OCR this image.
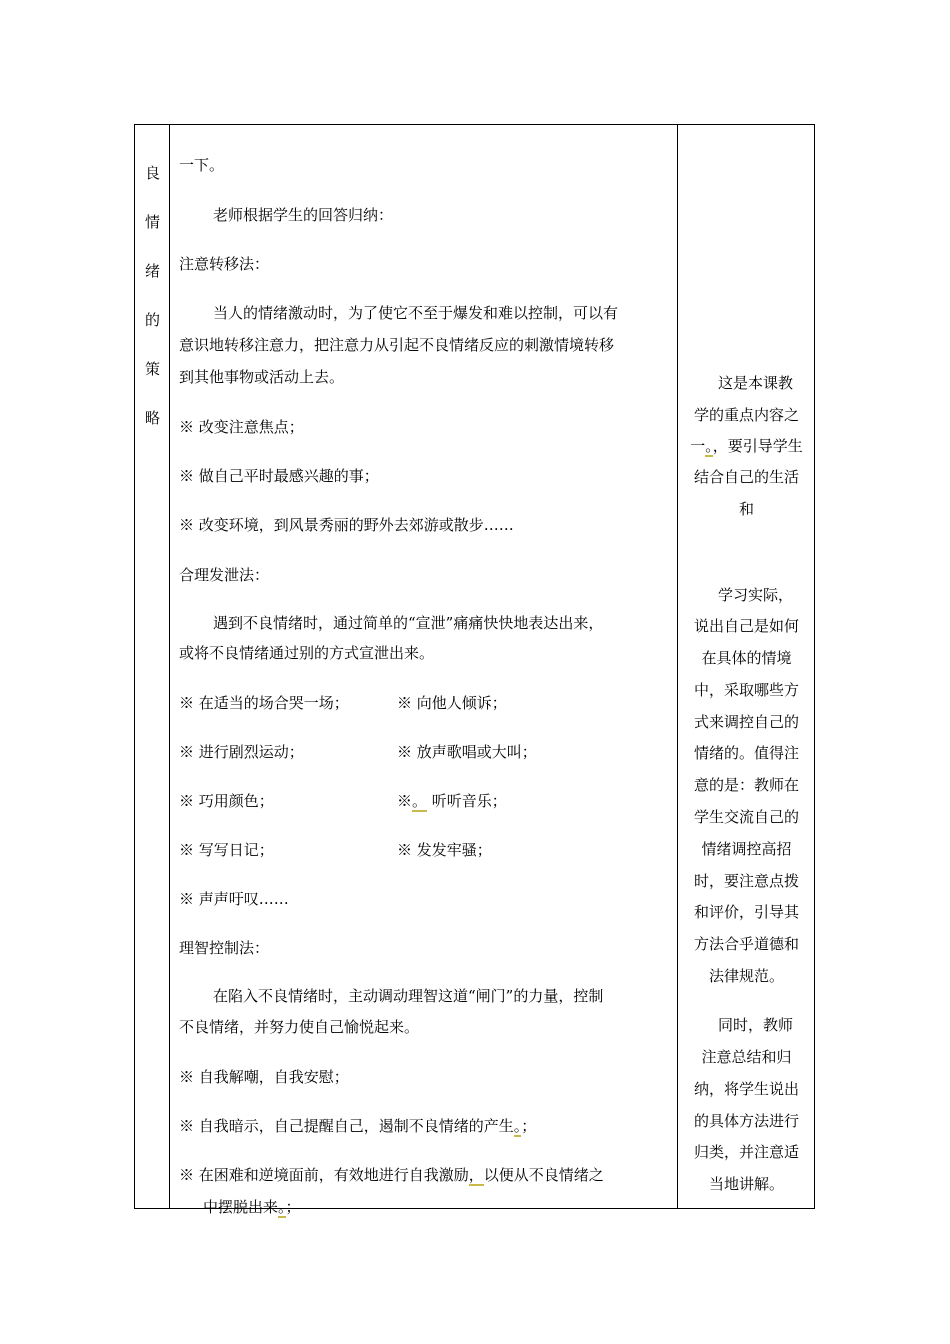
良
情
绪
的
策
略
一下。
老师根据学生的回答归纳：
注意转移法：
当人的情绪激动时，为了使它不至于爆发和难以控制，可以有
意识地转移注意力，把注意力从引起不良情绪反应的刺激情境转移
到其他事物或活动上去。
※ 改变注意焦点；
※ 做自己平时最感兴趣的事；
※ 改变环境，到风景秀丽的野外去郊游或散步……
合理发泄法：
遇到不良情绪时，通过简单的“宣泄”痛痛快快地表达出来，
或将不良情绪通过别的方式宣泄出来。
※ 在适当的场合哭一场；	※ 向他人倾诉；
※ 进行剧烈运动；	※ 放声歌唱或大叫；
※ 巧用颜色；	※。 听听音乐；
※ 写写日记；	※ 发发牢骚；
※ 声声吁叹……
理智控制法：
在陷入不良情绪时，主动调动理智这道“闸门”的力量，控制
不良情绪，并努力使自己愉悦起来。
※ 自我解嘲，自我安慰；
※ 自我暗示，自己提醒自己，遏制不良情绪的产生。；
※ 在困难和逆境面前，有效地进行自我激励，以便从不良情绪之
中摆脱出来。；
这是本课教
学的重点内容之
一。，要引导学生
结合自己的生活
和
学习实际，
说出自己是如何
在具体的情境
中，采取哪些方
式来调控自己的
情绪的。值得注
意的是：教师在
学生交流自己的
情绪调控高招
时，要注意点拨
和评价，引导其
方法合乎道德和
法律规范。
同时，教师
注意总结和归
纳，将学生说出
的具体方法进行
归类，并注意适
当地讲解。
